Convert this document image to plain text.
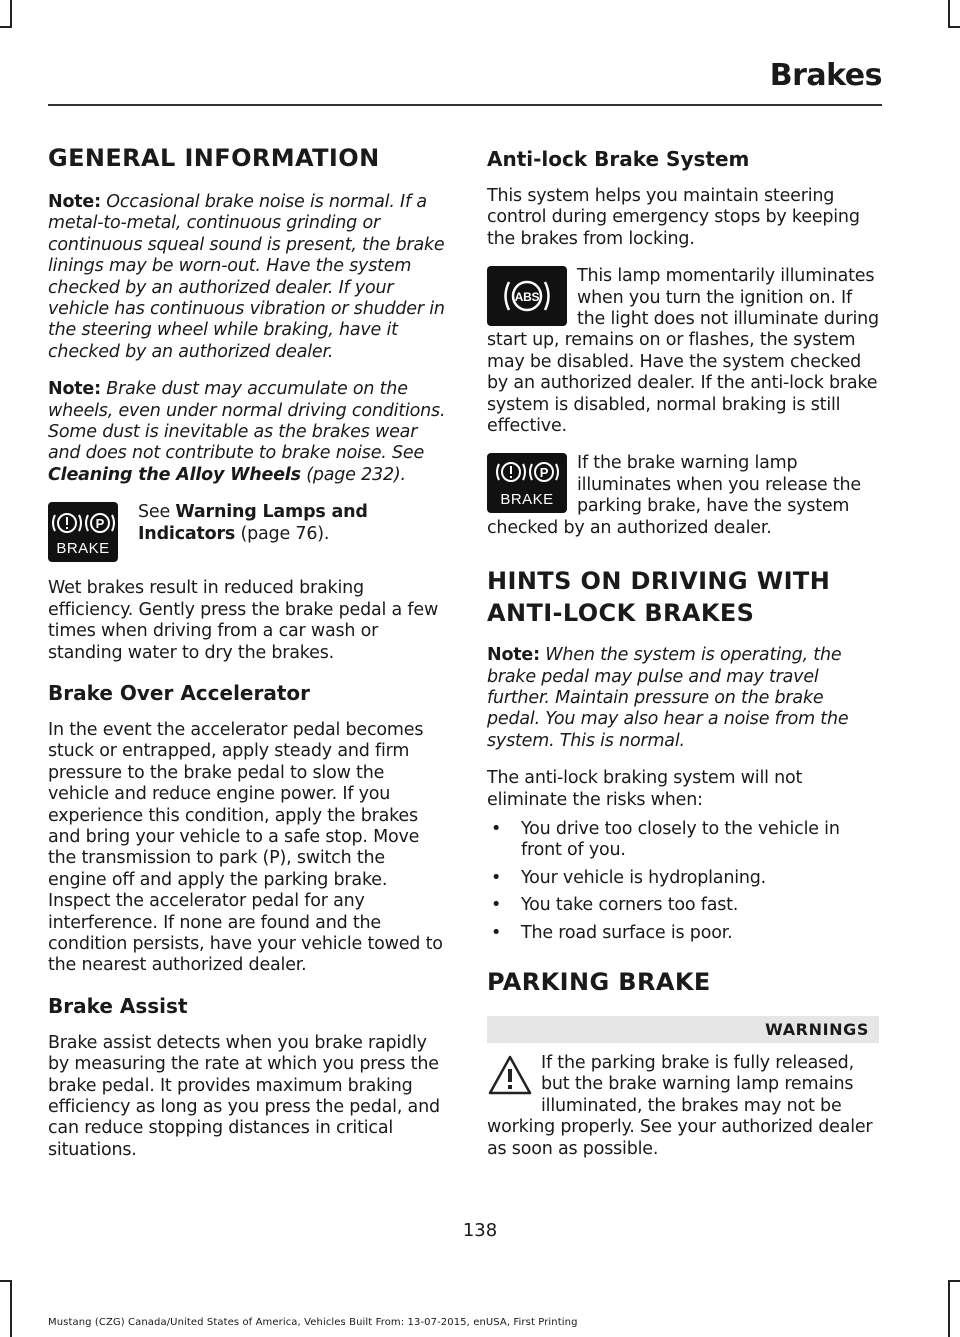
Brakes
GENERAL INFORMATION

Note: Occasional brake noise is normal. If a metal-to-metal, continuous grinding or continuous squeal sound is present, the brake linings may be worn-out. Have the system checked by an authorized dealer. If your vehicle has continuous vibration or shudder in the steering wheel while braking, have it checked by an authorized dealer.

Note: Brake dust may accumulate on the wheels, even under normal driving conditions. Some dust is inevitable as the brakes wear and does not contribute to brake noise. See Cleaning the Alloy Wheels (page 232).

P
BRAKE
See Warning Lamps and Indicators (page 76).

Wet brakes result in reduced braking efficiency. Gently press the brake pedal a few times when driving from a car wash or standing water to dry the brakes.

Brake Over Accelerator

In the event the accelerator pedal becomes stuck or entrapped, apply steady and firm pressure to the brake pedal to slow the vehicle and reduce engine power. If you experience this condition, apply the brakes and bring your vehicle to a safe stop. Move the transmission to park (P), switch the engine off and apply the parking brake. Inspect the accelerator pedal for any interference. If none are found and the condition persists, have your vehicle towed to the nearest authorized dealer.

Brake Assist

Brake assist detects when you brake rapidly by measuring the rate at which you press the brake pedal. It provides maximum braking efficiency as long as you press the pedal, and can reduce stopping distances in critical situations.

Anti-lock Brake System

This system helps you maintain steering control during emergency stops by keeping the brakes from locking.

ABS
This lamp momentarily illuminates when you turn the ignition on. If the light does not illuminate during start up, remains on or flashes, the system may be disabled. Have the system checked by an authorized dealer. If the anti-lock brake system is disabled, normal braking is still effective.

P
BRAKE
If the brake warning lamp illuminates when you release the parking brake, have the system checked by an authorized dealer.

HINTS ON DRIVING WITH
ANTI-LOCK BRAKES

Note: When the system is operating, the brake pedal may pulse and may travel further. Maintain pressure on the brake pedal. You may also hear a noise from the system. This is normal.

The anti-lock braking system will not eliminate the risks when:

• You drive too closely to the vehicle in front of you.
• Your vehicle is hydroplaning.
• You take corners too fast.
• The road surface is poor.
PARKING BRAKE
WARNINGS

If the parking brake is fully released, but the brake warning lamp remains illuminated, the brakes may not be working properly. See your authorized dealer as soon as possible.

138
Mustang (CZG) Canada/United States of America, Vehicles Built From: 13-07-2015, enUSA, First Printing
